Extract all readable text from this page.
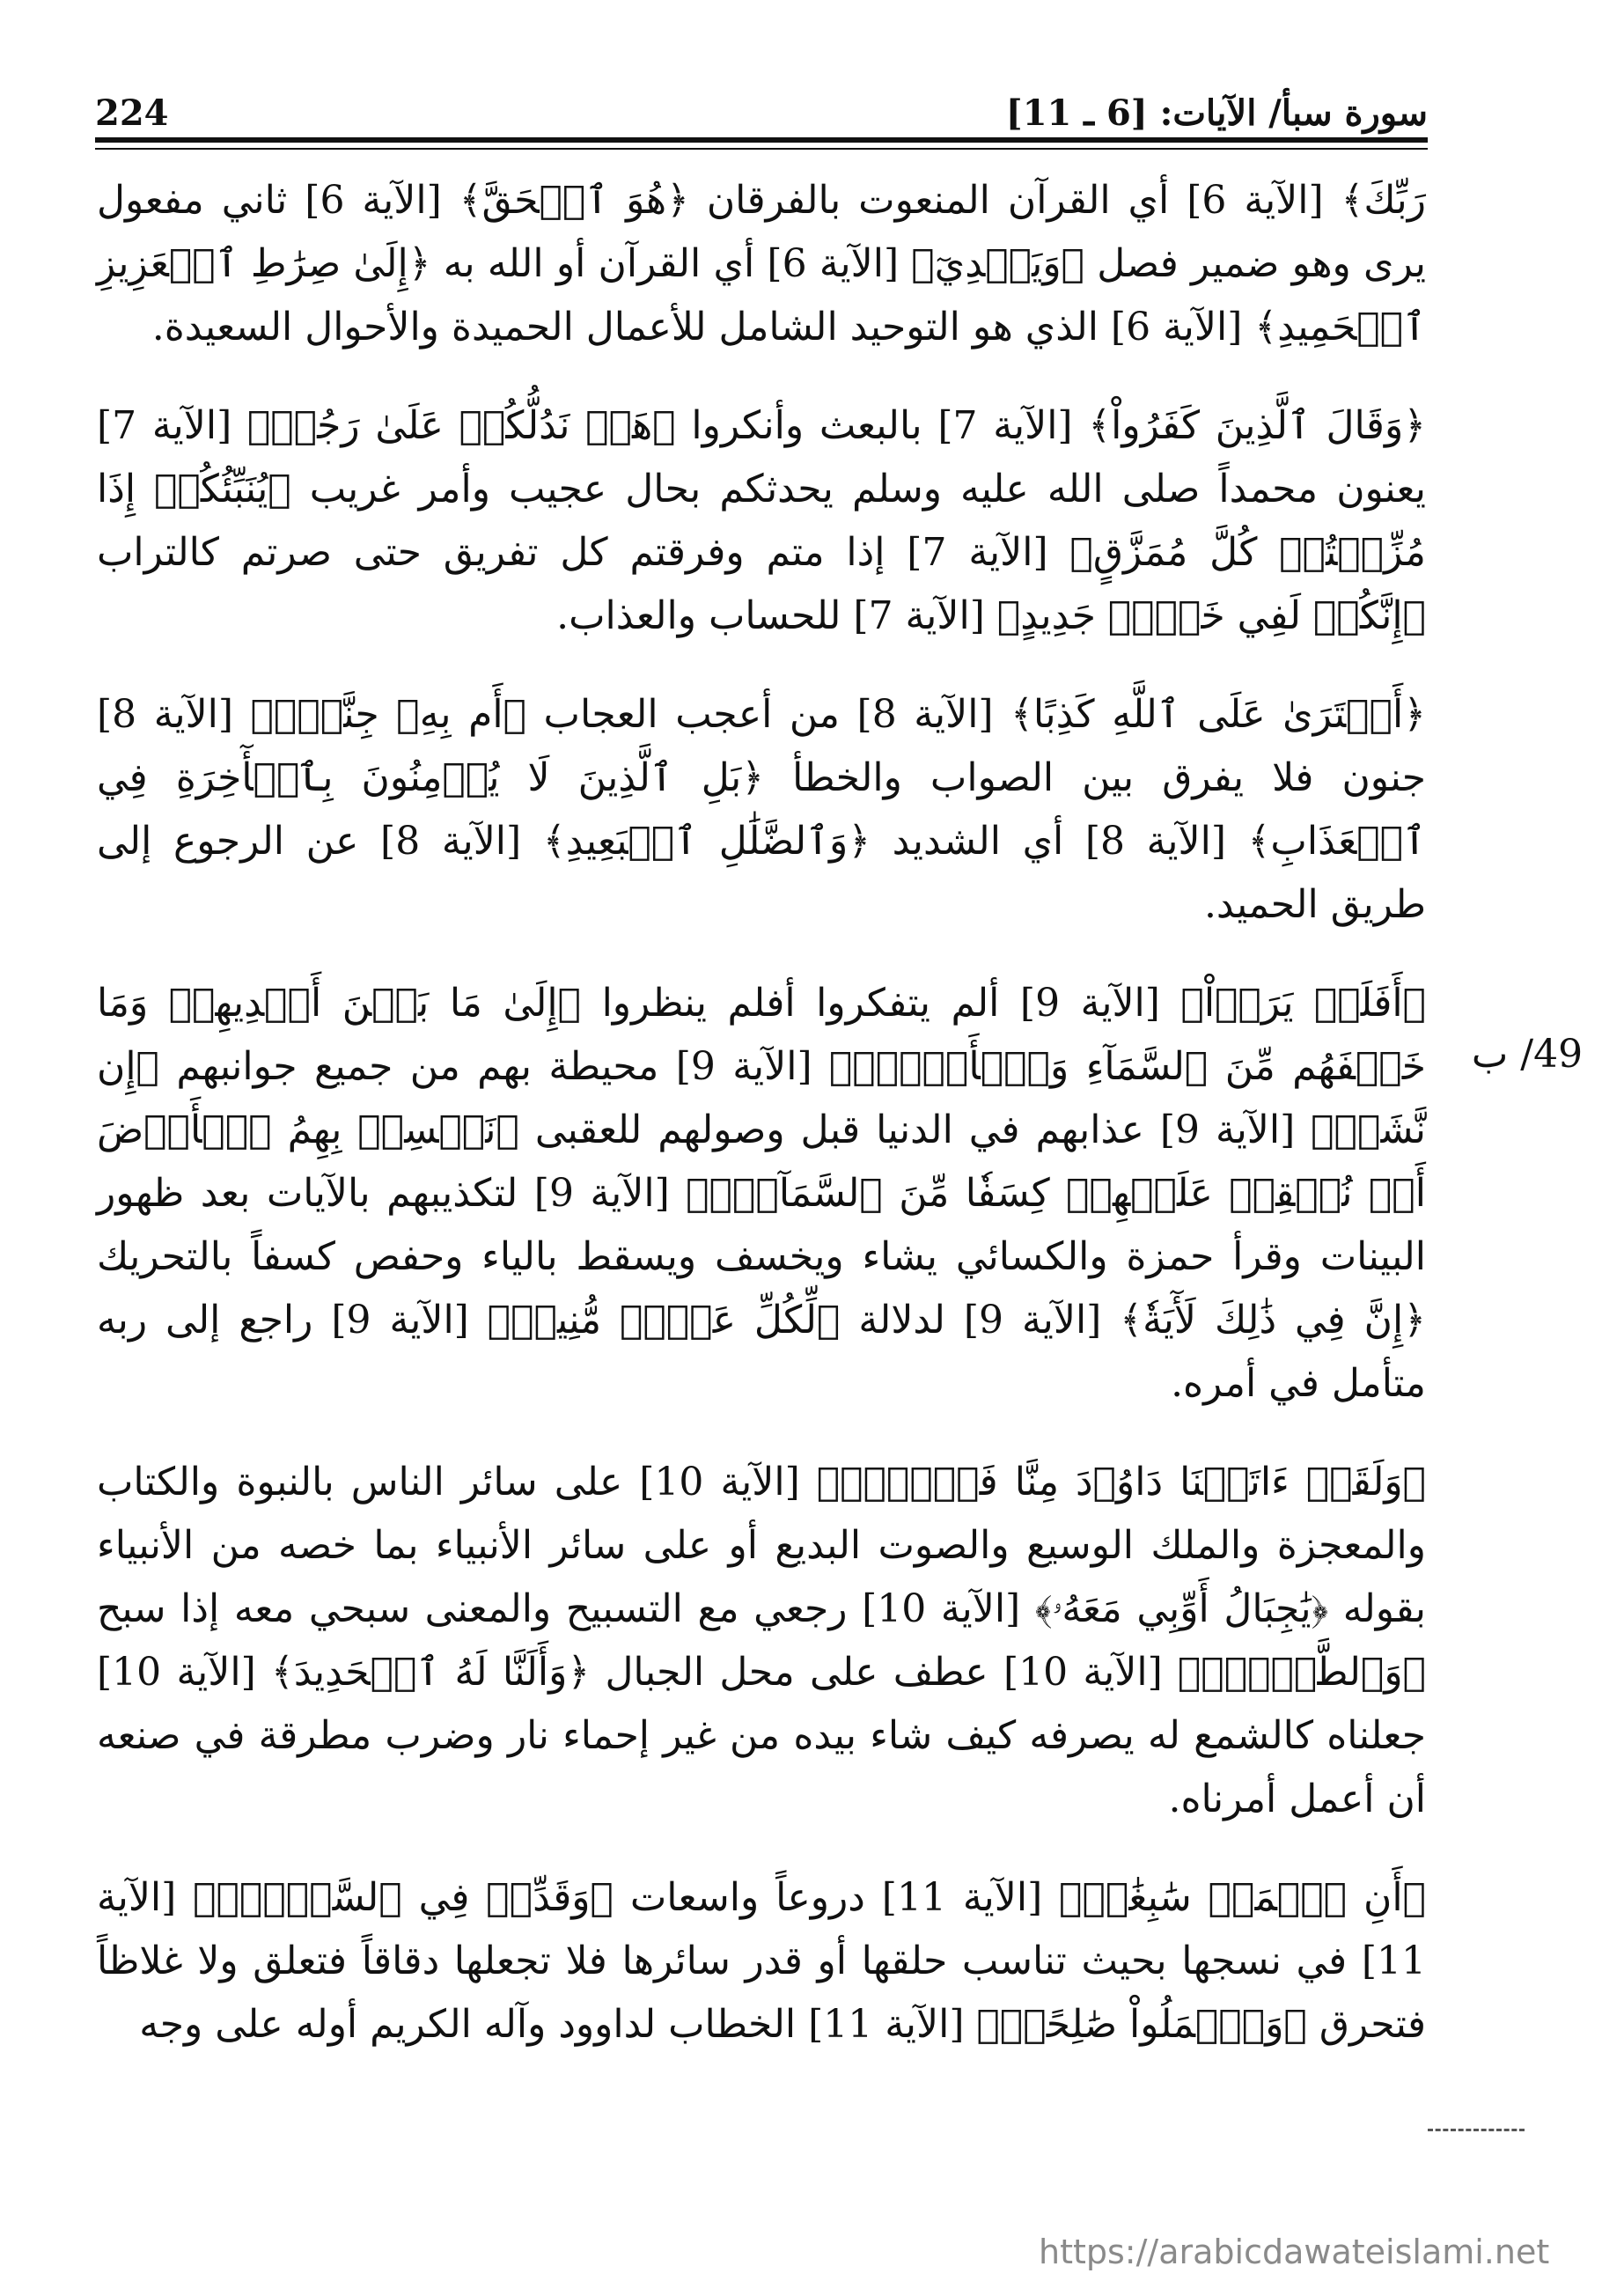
224	سورة سبأ/ الآيات: [6 ـ 11]
49/ ب

رَبِّكَ﴾ [الآية 6] أي القرآن المنعوت بالفرقان ﴿هُوَ ٱلۡحَقَّ﴾ [الآية 6] ثاني مفعول يرى وهو ضمير فصل ﴿وَيَهۡدِيٓ﴾ [الآية 6] أي القرآن أو الله به ﴿إِلَىٰ صِرَٰطِ ٱلۡعَزِيزِ ٱلۡحَمِيدِ﴾ [الآية 6] الذي هو التوحيد الشامل للأعمال الحميدة والأحوال السعيدة.

﴿وَقَالَ ٱلَّذِينَ كَفَرُواْ﴾ [الآية 7] بالبعث وأنكروا ﴿هَلۡ نَدُلُّكُمۡ عَلَىٰ رَجُلٖ﴾ [الآية 7] يعنون محمداً صلى الله عليه وسلم يحدثكم بحال عجيب وأمر غريب ﴿يُنَبِّئُكُمۡ إِذَا مُزِّقۡتُمۡ كُلَّ مُمَزَّقٍ﴾ [الآية 7] إذا متم وفرقتم كل تفريق حتى صرتم كالتراب ﴿إِنَّكُمۡ لَفِي خَلۡقٖ جَدِيدٍ﴾ [الآية 7] للحساب والعذاب.

﴿أَفۡتَرَىٰ عَلَى ٱللَّهِ كَذِبًا﴾ [الآية 8] من أعجب العجاب ﴿أَم بِهِۦ جِنَّةُۢ﴾ [الآية 8] جنون فلا يفرق بين الصواب والخطأ ﴿بَلِ ٱلَّذِينَ لَا يُؤۡمِنُونَ بِٱلۡأٓخِرَةِ فِي ٱلۡعَذَابِ﴾ [الآية 8] أي الشديد ﴿وَٱلضَّلَٰلِ ٱلۡبَعِيدِ﴾ [الآية 8] عن الرجوع إلى طريق الحميد.

﴿أَفَلَمۡ يَرَوۡاْ﴾ [الآية 9] ألم يتفكروا أفلم ينظروا ﴿إِلَىٰ مَا بَيۡنَ أَيۡدِيهِمۡ وَمَا خَلۡفَهُم مِّنَ ٱلسَّمَآءِ وَٱلۡأَرۡضِۚ﴾ [الآية 9] محيطة بهم من جميع جوانبهم ﴿إِن نَّشَأۡ﴾ [الآية 9] عذابهم في الدنيا قبل وصولهم للعقبى ﴿نَخۡسِفۡ بِهِمُ ٱلۡأَرۡضَ أَوۡ نُسۡقِطۡ عَلَيۡهِمۡ كِسَفٗا مِّنَ ٱلسَّمَآءِۚ﴾ [الآية 9] لتكذيبهم بالآيات بعد ظهور البينات وقرأ حمزة والكسائي يشاء ويخسف ويسقط بالياء وحفص كسفاً بالتحريك ﴿إِنَّ فِي ذَٰلِكَ لَأٓيَةٗ﴾ [الآية 9] لدلالة ﴿لِّكُلِّ عَبۡدٖ مُّنِيبٖ﴾ [الآية 9] راجع إلى ربه متأمل في أمره.

﴿وَلَقَدۡ ءَاتَيۡنَا دَاوُۥدَ مِنَّا فَضۡلٗاۖ﴾ [الآية 10] على سائر الناس بالنبوة والكتاب والمعجزة والملك الوسيع والصوت البديع أو على سائر الأنبياء بما خصه من الأنبياء بقوله ﴿يَٰجِبَالُ أَوِّبِي مَعَهُۥ﴾ [الآية 10] رجعي مع التسبيح والمعنى سبحي معه إذا سبح ﴿وَٱلطَّيۡرَۖ﴾ [الآية 10] عطف على محل الجبال ﴿وَأَلَنَّا لَهُ ٱلۡحَدِيدَ﴾ [الآية 10] جعلناه كالشمع له يصرفه كيف شاء بيده من غير إحماء نار وضرب مطرقة في صنعه أن أعمل أمرناه.

﴿أَنِ ٱعۡمَلۡ سَٰبِغَٰتٖ﴾ [الآية 11] دروعاً واسعات ﴿وَقَدِّرۡ فِي ٱلسَّرۡدِۖ﴾ [الآية 11] في نسجها بحيث تناسب حلقها أو قدر سائرها فلا تجعلها دقاقاً فتعلق ولا غلاظاً فتحرق ﴿وَٱعۡمَلُواْ صَٰلِحًاۖ﴾ [الآية 11] الخطاب لداوود وآله الكريم أوله على وجه

https://arabicdawateislami.net
